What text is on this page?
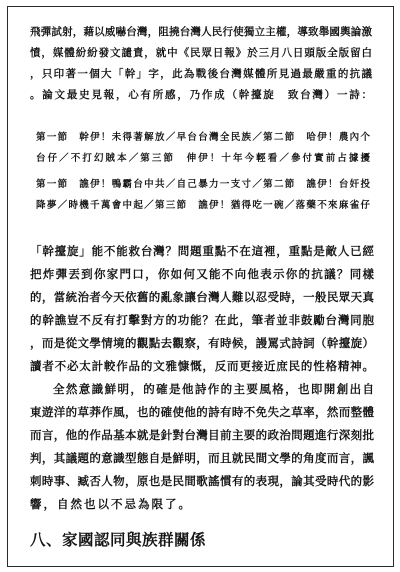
飛彈試射，藉以威嚇台灣，阻撓台灣人民行使獨立主權，導致舉國輿論激
憤，媒體紛紛發文譴責，就中《民眾日報》於三月八日頭版全版留白
，只印著一個大「幹」字，此為戰後台灣媒體所見過最嚴重的抗議
。論文最史見報，心有所感，乃作成（幹擡旋　致台灣）一詩：
第一節　幹伊！未得著解放／早台台灣全民族／第二節　哈伊！農內个
台仔／不打幻賊本／第三節　伸伊！十年今輕看／參付實前占據擾
第一節　譙伊！鴨霸台中共／自己暴力一支寸／第二節　譙伊！台奸投
降夢／時機千萬會中起／第三節　譙伊！猶得吃一碗／落藥不來麻雀仔
「幹擡旋」能不能救台灣？問題重點不在這裡，重點是敵人已經
把炸彈丟到你家門口，你如何又能不向他表示你的抗議？同樣
的，當統治者今天依舊的亂象讓台灣人難以忍受時，一般民眾天真
的幹譙豈不反有打擊對方的功能？在此，筆者並非鼓勵台灣同胞
，而是從文學情境的觀點去觀察，有時候，謾罵式詩詞（幹擡旋）
讀者不必太計較作品的文雅慷慨，反而更接近庶民的性格精神。
全然意識鮮明，的確是他詩作的主要風格，也即開創出自
東遊洋的草莽作風，也的確使他的詩有時不免失之草率，然而整體
而言，他的作品基本就是針對台灣目前主要的政治問題進行深刻批
判，其議題的意識型態自是鮮明，而且就民間文學的角度而言，諷
刺時事、臧否人物，原也是民間歌謠慣有的表現，論其受時代的影
響，自然也以不忌為限了。
八、家國認同與族群關係
